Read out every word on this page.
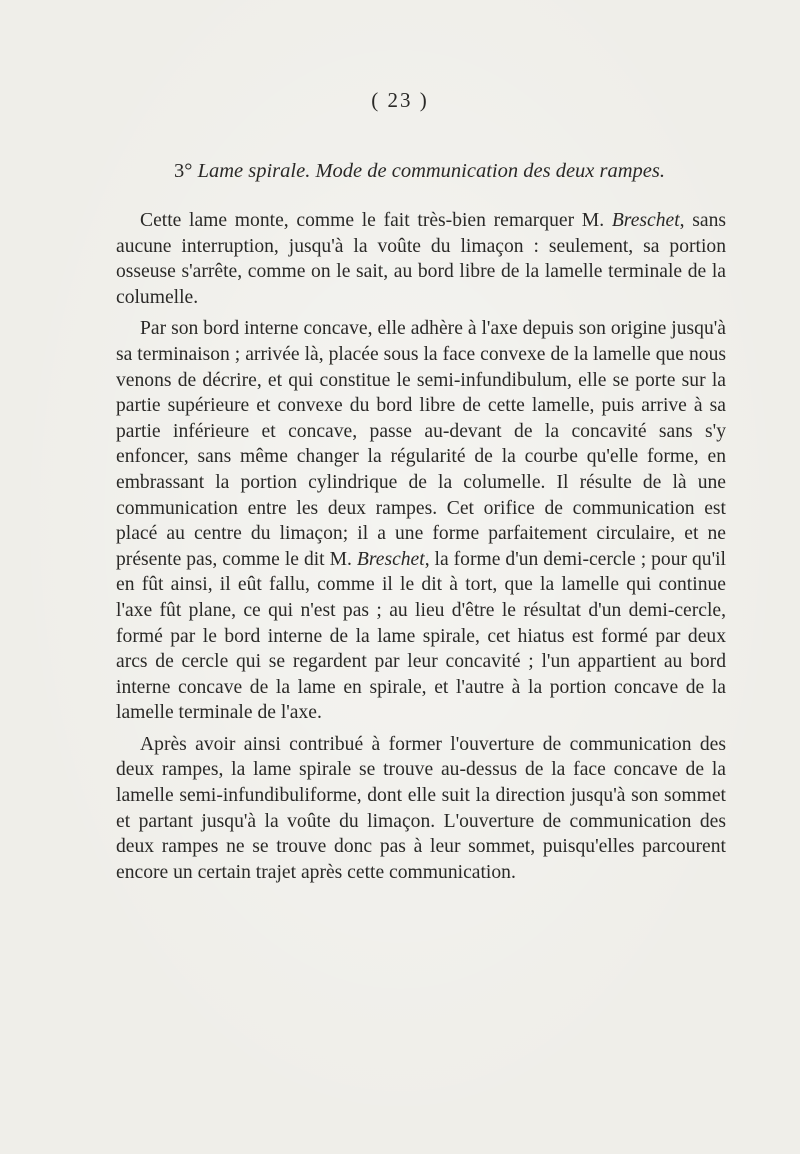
( 23 )
3° Lame spirale. Mode de communication des deux rampes.

Cette lame monte, comme le fait très-bien remarquer M. Breschet, sans aucune interruption, jusqu'à la voûte du limaçon : seulement, sa portion osseuse s'arrête, comme on le sait, au bord libre de la lamelle terminale de la columelle.

Par son bord interne concave, elle adhère à l'axe depuis son origine jusqu'à sa terminaison ; arrivée là, placée sous la face convexe de la lamelle que nous venons de décrire, et qui constitue le semi-infundibulum, elle se porte sur la partie supérieure et convexe du bord libre de cette lamelle, puis arrive à sa partie inférieure et concave, passe au-devant de la concavité sans s'y enfoncer, sans même changer la régularité de la courbe qu'elle forme, en embrassant la portion cylindrique de la columelle. Il résulte de là une communication entre les deux rampes. Cet orifice de communication est placé au centre du limaçon; il a une forme parfaitement circulaire, et ne présente pas, comme le dit M. Breschet, la forme d'un demi-cercle ; pour qu'il en fût ainsi, il eût fallu, comme il le dit à tort, que la lamelle qui continue l'axe fût plane, ce qui n'est pas ; au lieu d'être le résultat d'un demi-cercle, formé par le bord interne de la lame spirale, cet hiatus est formé par deux arcs de cercle qui se regardent par leur concavité ; l'un appartient au bord interne concave de la lame en spirale, et l'autre à la portion concave de la lamelle terminale de l'axe.

Après avoir ainsi contribué à former l'ouverture de communication des deux rampes, la lame spirale se trouve au-dessus de la face concave de la lamelle semi-infundibuliforme, dont elle suit la direction jusqu'à son sommet et partant jusqu'à la voûte du limaçon. L'ouverture de communication des deux rampes ne se trouve donc pas à leur sommet, puisqu'elles parcourent encore un certain trajet après cette communication.
